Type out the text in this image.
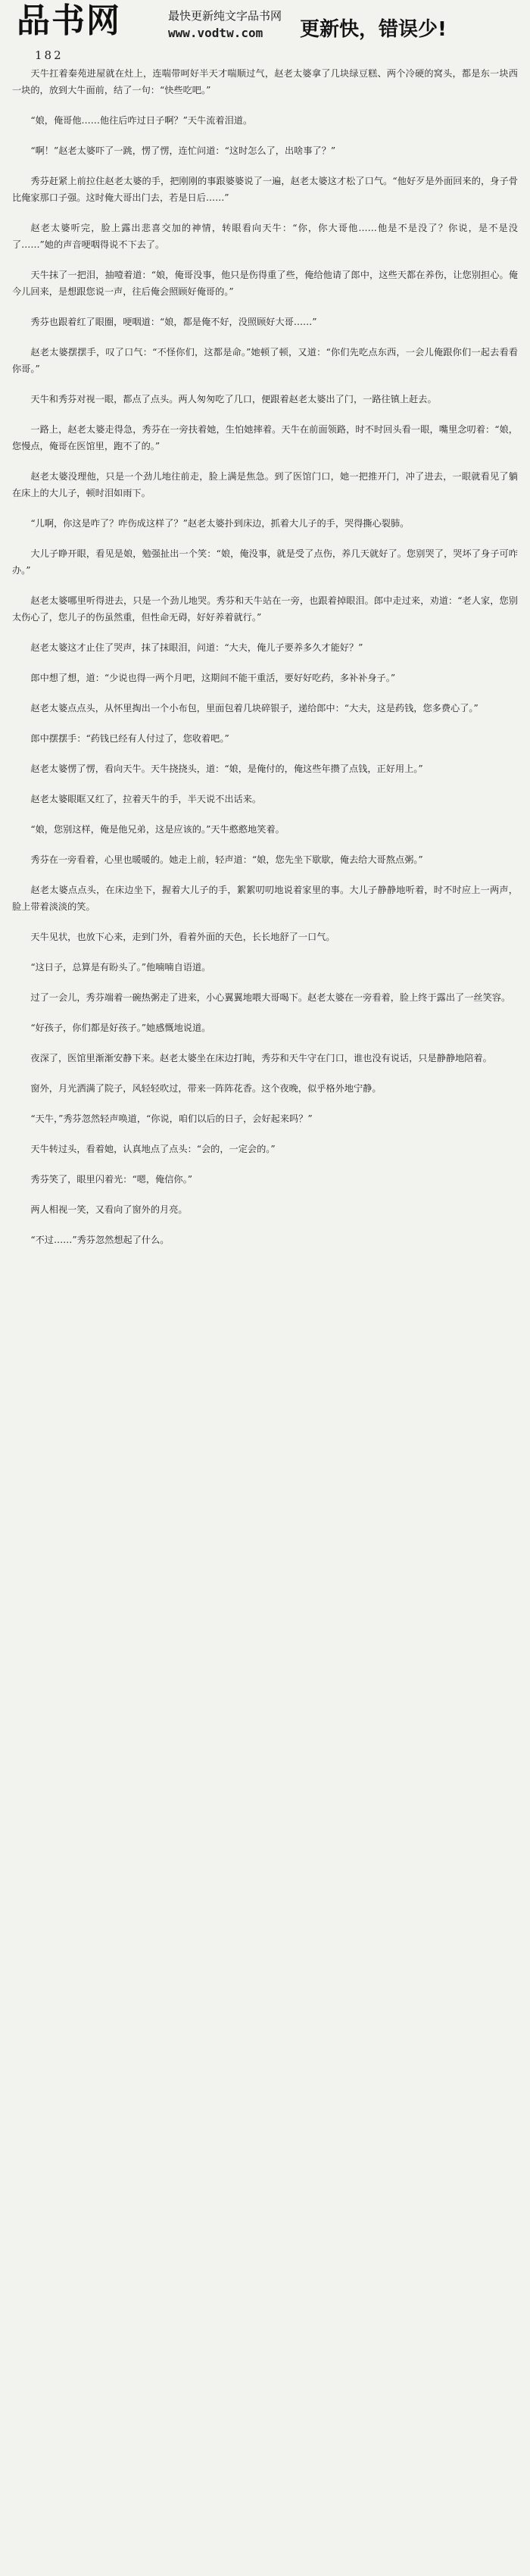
品书网	最快更新纯文字品书网
www.vodtw.com 更新快，错误少!
182

天牛扛着秦苑进屋就在灶上，连喘带呵好半天才喘顺过气，赵老太婆拿了几块绿豆糕、两个冷硬的窝头，都是东一块西一块的，放到大牛面前，结了一句：“快些吃吧。”

“娘，俺哥他……他往后咋过日子啊？”天牛流着泪道。

“啊！”赵老太婆吓了一跳，愣了愣，连忙问道：“这时怎么了，出啥事了？”

秀芬赶紧上前拉住赵老太婆的手，把刚刚的事跟婆婆说了一遍，赵老太婆这才松了口气。“他好歹是外面回来的，身子骨比俺家那口子强。这时俺大哥出门去，若是日后……”

赵老太婆听完，脸上露出悲喜交加的神情，转眼看向天牛：“你，你大哥他……他是不是没了？你说，是不是没了……”她的声音哽咽得说不下去了。

天牛抹了一把泪，抽噎着道：“娘，俺哥没事，他只是伤得重了些，俺给他请了郎中，这些天都在养伤，让您别担心。俺今儿回来，是想跟您说一声，往后俺会照顾好俺哥的。”

秀芬也跟着红了眼圈，哽咽道：“娘，都是俺不好，没照顾好大哥……”

赵老太婆摆摆手，叹了口气：“不怪你们，这都是命。”她顿了顿，又道：“你们先吃点东西，一会儿俺跟你们一起去看看你哥。”

天牛和秀芬对视一眼，都点了点头。两人匆匆吃了几口，便跟着赵老太婆出了门，一路往镇上赶去。

一路上，赵老太婆走得急，秀芬在一旁扶着她，生怕她摔着。天牛在前面领路，时不时回头看一眼，嘴里念叨着：“娘，您慢点，俺哥在医馆里，跑不了的。”

赵老太婆没理他，只是一个劲儿地往前走，脸上满是焦急。到了医馆门口，她一把推开门，冲了进去，一眼就看见了躺在床上的大儿子，顿时泪如雨下。

“儿啊，你这是咋了？咋伤成这样了？”赵老太婆扑到床边，抓着大儿子的手，哭得撕心裂肺。

大儿子睁开眼，看见是娘，勉强扯出一个笑：“娘，俺没事，就是受了点伤，养几天就好了。您别哭了，哭坏了身子可咋办。”

赵老太婆哪里听得进去，只是一个劲儿地哭。秀芬和天牛站在一旁，也跟着掉眼泪。郎中走过来，劝道：“老人家，您别太伤心了，您儿子的伤虽然重，但性命无碍，好好养着就行。”

赵老太婆这才止住了哭声，抹了抹眼泪，问道：“大夫，俺儿子要养多久才能好？”

郎中想了想，道：“少说也得一两个月吧，这期间不能干重活，要好好吃药，多补补身子。”

赵老太婆点点头，从怀里掏出一个小布包，里面包着几块碎银子，递给郎中：“大夫，这是药钱，您多费心了。”

郎中摆摆手：“药钱已经有人付过了，您收着吧。”

赵老太婆愣了愣，看向天牛。天牛挠挠头，道：“娘，是俺付的，俺这些年攒了点钱，正好用上。”

赵老太婆眼眶又红了，拉着天牛的手，半天说不出话来。

“娘，您别这样，俺是他兄弟，这是应该的。”天牛憨憨地笑着。

秀芬在一旁看着，心里也暖暖的。她走上前，轻声道：“娘，您先坐下歇歇，俺去给大哥熬点粥。”

赵老太婆点点头，在床边坐下，握着大儿子的手，絮絮叨叨地说着家里的事。大儿子静静地听着，时不时应上一两声，脸上带着淡淡的笑。

天牛见状，也放下心来，走到门外，看着外面的天色，长长地舒了一口气。

“这日子，总算是有盼头了。”他喃喃自语道。

过了一会儿，秀芬端着一碗热粥走了进来，小心翼翼地喂大哥喝下。赵老太婆在一旁看着，脸上终于露出了一丝笑容。

“好孩子，你们都是好孩子。”她感慨地说道。

夜深了，医馆里渐渐安静下来。赵老太婆坐在床边打盹，秀芬和天牛守在门口，谁也没有说话，只是静静地陪着。

窗外，月光洒满了院子，风轻轻吹过，带来一阵阵花香。这个夜晚，似乎格外地宁静。

“天牛，”秀芬忽然轻声唤道，“你说，咱们以后的日子，会好起来吗？”

天牛转过头，看着她，认真地点了点头：“会的，一定会的。”

秀芬笑了，眼里闪着光：“嗯，俺信你。”

两人相视一笑，又看向了窗外的月亮。

“不过……”秀芬忽然想起了什么。
